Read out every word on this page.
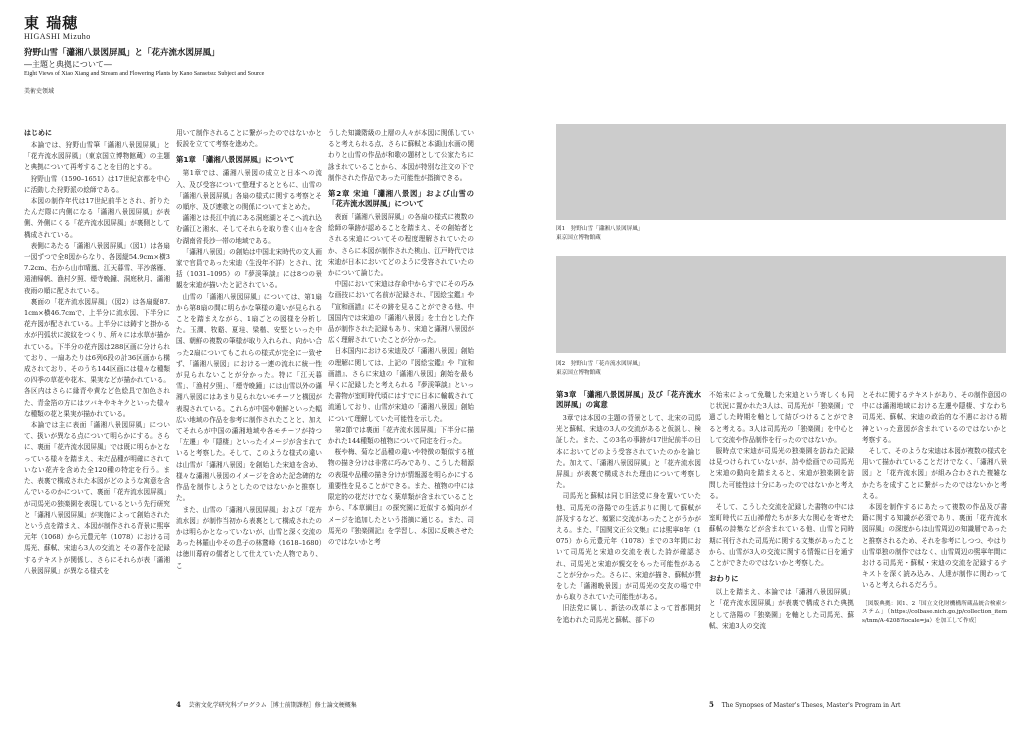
東 瑞穂
HIGASHI Mizuho
狩野山雪「瀟湘八景図屏風」と「花卉流水図屏風」
―主題と典拠について―
Eight Views of Xiao Xiang and Stream and Flowering Plants by Kano Sansetsu: Subject and Source
美術史領域
はじめに

本論では、狩野山雪筆「瀟湘八景図屏風」と「花卉流水図屏風」（東京国立博物館蔵）の主題と典拠について再考することを目的とする。

狩野山雪（1590–1651）は17世紀京都を中心に活動した狩野派の絵師である。

本図の制作年代は17世紀前半とされ、折りたたんだ際に内側になる「瀟湘八景図屏風」が表側、外側にくる「花卉流水図屏風」が裏側として構成されている。

表側にあたる「瀟湘八景図屏風」（図1）は各扇一図ずつで全8図からなり、各図縦54.9cm×横37.2cm、右から山市晴嵐、江天暮雪、平沙落雁、遠浦帰帆、漁村夕照、煙寺晩鐘、洞庭秋月、瀟湘夜雨の順に配されている。

裏面の「花卉流水図屏風」（図2）は各扇縦87.1cm×横46.7cmで、上半分に流水図、下半分に花卉図が配されている。上半分には鋳すと掛かる水が円弧状に波紋をつくり、所々には水草が描かれている。下半分の花卉図は288区画に分けられており、一扇あたりは6列6段の計36区画から構成されており、そのうち144区画には様々な種類の四季の草花や花木、果実などが描かれている。各区内はさらに縁青や黄など色絵具で加色された、青金箔の方にはツバキやキキクといった様々な種類の花と果実が描かれている。

本論では主に表面「瀟湘八景図屏風」について、扱いが異なる点について明らかにする。さらに、裏面「花卉流水図屏風」では既に明らかとなっている様々を踏まえ、未だ品種が明確にされていない花卉を含めた全120種の特定を行う。また、表裏で構成された本図がどのような寓意を含んでいるのかについて、裏面「花卉流水図屏風」が司馬光の独楽園を表現しているという先行研究と「瀟湘八景図屏風」が実施によって創始されたという点を踏まえ、本図が制作される背景に煕寧元年（1068）から元豊元年（1078）における司馬光、蘇軾、宋迪ら3人の交流と その著作を記録するテキストが関係し、さらにそれらが表「瀟湘八景図屏風」が異なる様式を

用いて制作されることに繋がったのではないかと仮説を立てて考察を進めた。

第1章 「瀟湘八景図屏風」について

第1章では、瀟湘八景図の成立と日本への流入、及び受容について整理するとともに、山雪の「瀟湘八景図屏風」各扇の様式に関する考察とその順序、及び連歌との関係についてまとめた。

瀟湘とは長江中流にある洞庭湖とそこへ流れ込む瀟江と湘水、そしてそれらを取り巻く山々を含む湖南省長沙一帯の地域である。

「瀟湘八景図」の創始は中国北宋時代の文人画家で官員であった宋迪（生没年不詳）とされ、沈括（1031–1095）の『夢渓筆談』には8つの景観を宋迪が描いたと記されている。

山雪の「瀟湘八景図屏風」については、第1扇から第8扇の間に明らかな筆様の違いが見られることを踏まえながら、1扇ごとの図様を分析した。玉澗、牧谿、夏珪、梁楷、安堅といった中国、朝鮮の複数の筆様が取り入れられ、向かい合った2扇についてもこれらの様式が完全に一致せず、「瀟湘八景図」における一連の流れに統一性が見られないことが分かった。特に「江天暮雪」、「漁村夕照」、「煙寺晩鐘」には山雪以外の瀟湘八景図にはあまり見られないモチーフと構図が表現されている。これらが中国や朝鮮といった幅広い地域の作品を参考に制作されたことと、加えてそれらが中国の瀟湘地域や各モチーフが持つ「左遷」や「隠棲」といったイメージが含まれていると考察した。そして、このような様式の違いは山雪が「瀟湘八景図」を創始した宋迪を含め、様々な瀟湘八景図のイメージを含めた記念碑的な作品を制作しようとしたのではないかと推察した。

また、山雪の「瀟湘八景図屏風」および「花卉流水図」が制作当初から表裏として構成されたのかは明らかとなっていないが、山雪と深く交流のあった林羅山やその息子の林鵞峰（1618–1680）は徳川幕府の儒者として仕えていた人物であり、こ

うした知識階級の上層の人々が本図に関係していると考えられる点、さらに蘇軾と本湖山水画の関わりと山雪の作品が和歌の題材として公家たちに詠まれていることから、本図が特別な注文の下で制作された作品であった可能性が指摘できる。

第2章 宋迪「瀟湘八景図」および山雪の「花卉流水図屏風」について

表面「瀟湘八景図屏風」の各扇の様式に複数の絵師の筆跡が認めることを踏まえ、その創始者とされる宋迪についてその程度理解されていたのか、さらに本図が制作された桃山、江戸時代では宋迪が日本においてどのように受容されていたのかについて論じた。

中国において宋迪は存命中からすでにその巧みな画技において名前が記録され、『図絵宝鑑』や『宣和画譜』にその跡を見ることができる他、中国国内では宋迪の「瀟湘八景図」を土台とした作品が制作された記録もあり、宋迪と瀟湘八景図が広く理解されていたことが分かった。

日本国内における宋迪及び「瀟湘八景図」創始の理解に関しては、上記の『図絵宝鑑』や『宣和画譜』、さらに宋迪の「瀟湘八景図」創始を最も早くに記録したと考えられる『夢渓筆談』といった書物が室町時代頃にはすでに日本に輸載されて流通しており、山雪が宋迪の「瀟湘八景図」創始について理解していた可能性を示した。

第2節では裏面「花卉流水図屏風」下半分に描かれた144種類の植物について同定を行った。

桜や梅、菊など品種の違いや特徴の類似する植物の描き分けは非常に巧みであり、こうした精源の表現や品種の描き分けが情報源を明らかにする重要性を見ることができる。また、植物の中には限定的の花だけでなく薬草類が含まれていることから、『本草綱目』の探究園に近似する傾向がイメージを追加したという指摘に通じる。また、司馬光の『独楽園記』を学習し、本図に反映させたのではないかと考

4 芸術文化学研究科プログラム［博士前期課程］修士論文梗概集
図1　狩野山雪「瀟湘八景図屏風」
東京国立博物館蔵
図2　狩野山雪「花卉流水図屏風」
東京国立博物館蔵
第3章 「瀟湘八景図屏風」及び「花卉流水図屏風」の寓意

3章では本図の主題の背景として、北宋の司馬光と蘇軾、宋迪の3人の交流があると仮説し、検証した。また、この3名の事跡が17世紀前半の日本においてどのよう受容されていたのかを論じた。加えて、「瀟湘八景図屏風」と「花卉流水図屏風」が表裏で構成された理由について考察した。

司馬光と蘇軾は同じ旧法党に身を置いていた他、司馬光の洛陽での生活ぶりに関して蘇軾が詳及するなど、頻繁に交流があったことがうかがえる。また、『国関文正公文集』には煕寧8年（1075）から元豊元年（1078）までの3年間において司馬光と宋迪の交流を表した詩が確認され、司馬光と宋迪が親交をもった可能性があることが分かった。さらに、宋迪が描き、蘇軾が賛をした「瀟湘晩景図」が司馬光の交友の場で中から取りされていた可能性がある。

旧法党に属し、新法の改革によって首都開封を追われた司馬光と蘇軾、部下の

不始末によって免職した宋迪という寄しくも同じ状況に置かれた3人は、司馬光が「独楽園」で過ごした時期を軸として結びつけることができると考える。3人は司馬光の「独楽園」を中心として交流や作品制作を行ったのではないか。

服時点で宋迪が司馬光の独楽園を訪ねた記録は見つけられていないが、詩や絵画での司馬光と宋迪の動向を踏まえると、宋迪が独楽園を訪問した可能性は十分にあったのではないかと考える。

そして、こうした交流を記録した書物の中には室町時代に五山禅僧たちが多大な関心を寄せた蘇軾の詩集などが含まれている他、山雪と同時期に刊行された司馬光に関する文集があったことから、山雪が3人の交流に関する情報に日を通すことができたのではないかと考察した。

おわりに

以上を踏まえ、本論では「瀟湘八景図屏風」と「花卉流水図屏風」が表裏で構成された典拠として洛陽の「独楽園」を軸とした司馬光、蘇軾、宋迪3人の交流

とそれに関するテキストがあり、その制作意図の中には瀟湘地域における左遷や隠棲、すなわち司馬光、蘇軾、宋迪の政治的な不遇における精神といった意図が含まれているのではないかと考察する。

そして、そのような宋迪は本図が複数の様式を用いて描かれていることだけでなく、「瀟湘八景図」と「花卉流水図」が組み合わされた複雑なかたちを成すことに繋がったのではないかと考える。

本図を制作するにあたって複数の作品及び書籍に関する知識が必須であり、裏面「花卉流水図屏風」の深度からは山雪周辺の知識層であったと推察されるため、それを参考にしつつ、やはり山雪単独の制作ではなく、山雪周辺の煕寧年間における司馬光・蘇軾・宋迪の交流を記録するテキストを深く読み込み、人達が制作に関わっていると考えられるだろう。

［図版典拠：図1、2「国立文化財機構所蔵品統合検索システム」（https://colbase.nich.go.jp/collection_items/tnm/A-4208?locale=ja）を加工して作成］
5 The Synopses of Master's Theses, Master's Program in Art
